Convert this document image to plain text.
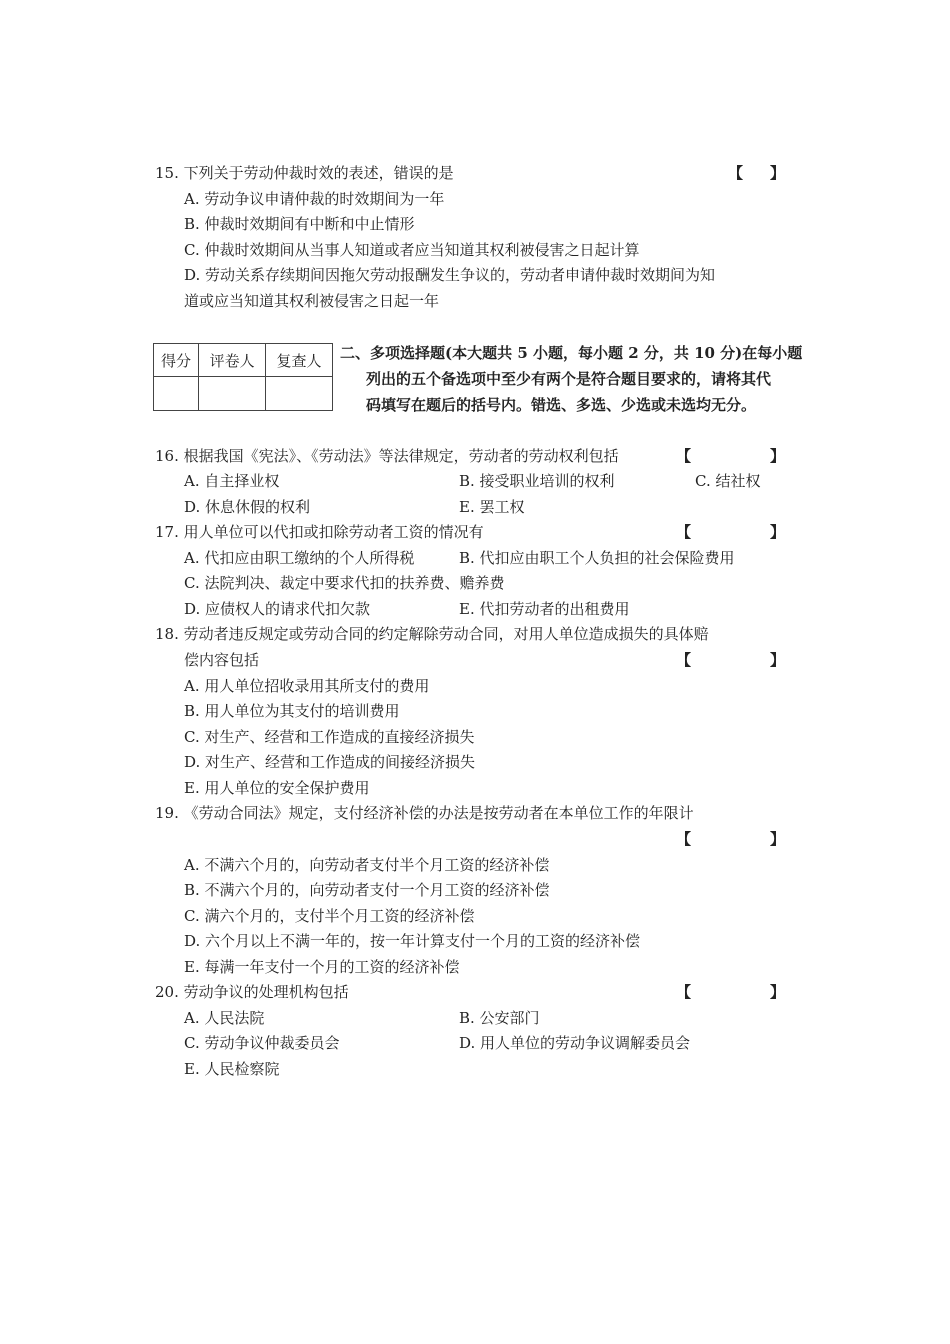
15. 下列关于劳动仲裁时效的表述，错误的是	【 】
A. 劳动争议申请仲裁的时效期间为一年
B. 仲裁时效期间有中断和中止情形
C. 仲裁时效期间从当事人知道或者应当知道其权利被侵害之日起计算
D. 劳动关系存续期间因拖欠劳动报酬发生争议的，劳动者申请仲裁时效期间为知
道或应当知道其权利被侵害之日起一年
得分	评卷人	复查人
		二、多项选择题(本大题共 5 小题，每小题 2 分，共 10 分)在每小题
列出的五个备选项中至少有两个是符合题目要求的，请将其代
码填写在题后的括号内。错选、多选、少选或未选均无分。
16. 根据我国《宪法》、《劳动法》等法律规定，劳动者的劳动权利包括	【	】
A. 自主择业权	B. 接受职业培训的权利	C. 结社权
D. 休息休假的权利	E. 罢工权
17. 用人单位可以代扣或扣除劳动者工资的情况有	【	】
A. 代扣应由职工缴纳的个人所得税	B. 代扣应由职工个人负担的社会保险费用
C. 法院判决、裁定中要求代扣的扶养费、赡养费
D. 应债权人的请求代扣欠款	E. 代扣劳动者的出租费用
18. 劳动者违反规定或劳动合同的约定解除劳动合同，对用人单位造成损失的具体赔
偿内容包括	【	】
A. 用人单位招收录用其所支付的费用
B. 用人单位为其支付的培训费用
C. 对生产、经营和工作造成的直接经济损失
D. 对生产、经营和工作造成的间接经济损失
E. 用人单位的安全保护费用
19. 《劳动合同法》规定，支付经济补偿的办法是按劳动者在本单位工作的年限计
【	】
A. 不满六个月的，向劳动者支付半个月工资的经济补偿
B. 不满六个月的，向劳动者支付一个月工资的经济补偿
C. 满六个月的，支付半个月工资的经济补偿
D. 六个月以上不满一年的，按一年计算支付一个月的工资的经济补偿
E. 每满一年支付一个月的工资的经济补偿
20. 劳动争议的处理机构包括	【	】
A. 人民法院	B. 公安部门
C. 劳动争议仲裁委员会	D. 用人单位的劳动争议调解委员会
E. 人民检察院
